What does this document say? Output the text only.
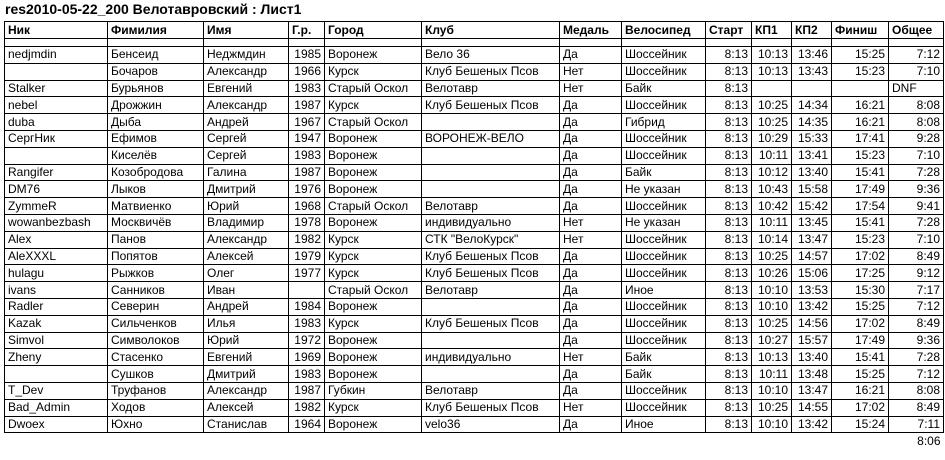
res2010-05-22_200 Велотавровский : Лист1
Ник	Фимилия	Имя	Г.р.	Город	Клуб	Медаль	Велосипед	Старт	КП1	КП2	Финиш	Общее

nedjmdin	Бенсеид	Неджмдин	1985	Воронеж	Вело 36	Да	Шоссейник	8:13	10:13	13:46	15:25	7:12
	Бочаров	Александр	1966	Курск	Клуб Бешеных Псов	Нет	Шоссейник	8:13	10:13	13:43	15:23	7:10
Stalker	Бурьянов	Евгений	1983	Старый Оскол	Велотавр	Нет	Байк	8:13				DNF
nebel	Дрожжин	Александр	1987	Курск	Клуб Бешеных Псов	Да	Шоссейник	8:13	10:25	14:34	16:21	8:08
duba	Дыба	Андрей	1967	Старый Оскол		Да	Гибрид	8:13	10:25	14:35	16:21	8:08
СергНик	Ефимов	Сергей	1947	Воронеж	ВОРОНЕЖ-ВЕЛО	Да	Шоссейник	8:13	10:29	15:33	17:41	9:28
	Киселёв	Сергей	1983	Воронеж		Да	Шоссейник	8:13	10:11	13:41	15:23	7:10
Rangifer	Козобродова	Галина	1987	Воронеж		Да	Байк	8:13	10:12	13:40	15:41	7:28
DM76	Лыков	Дмитрий	1976	Воронеж		Да	Не указан	8:13	10:43	15:58	17:49	9:36
ZymmeR	Матвиенко	Юрий	1968	Старый Оскол	Велотавр	Да	Шоссейник	8:13	10:42	15:42	17:54	9:41
wowanbezbash	Москвичёв	Владимир	1978	Воронеж	индивидуально	Нет	Не указан	8:13	10:11	13:45	15:41	7:28
Alex	Панов	Александр	1982	Курск	СТК "ВелоКурск"	Нет	Шоссейник	8:13	10:14	13:47	15:23	7:10
AleXXXL	Попятов	Алексей	1979	Курск	Клуб Бешеных Псов	Да	Шоссейник	8:13	10:25	14:57	17:02	8:49
hulagu	Рыжков	Олег	1977	Курск	Клуб Бешеных Псов	Да	Шоссейник	8:13	10:26	15:06	17:25	9:12
ivans	Санников	Иван		Старый Оскол	Велотавр	Да	Иное	8:13	10:10	13:53	15:30	7:17
Radler	Северин	Андрей	1984	Воронеж		Да	Шоссейник	8:13	10:10	13:42	15:25	7:12
Kazak	Сильченков	Илья	1983	Курск	Клуб Бешеных Псов	Да	Шоссейник	8:13	10:25	14:56	17:02	8:49
Simvol	Символоков	Юрий	1972	Воронеж		Да	Шоссейник	8:13	10:27	15:57	17:49	9:36
Zheny	Стасенко	Евгений	1969	Воронеж	индивидуально	Нет	Байк	8:13	10:13	13:40	15:41	7:28
	Сушков	Дмитрий	1983	Воронеж		Да	Байк	8:13	10:11	13:48	15:25	7:12
T_Dev	Труфанов	Александр	1987	Губкин	Велотавр	Да	Шоссейник	8:13	10:10	13:47	16:21	8:08
Bad_Admin	Ходов	Алексей	1982	Курск	Клуб Бешеных Псов	Нет	Шоссейник	8:13	10:25	14:55	17:02	8:49
Dwoex	Юхно	Станислав	1964	Воронеж	velo36	Да	Иное	8:13	10:10	13:42	15:24	7:11
												8:06
